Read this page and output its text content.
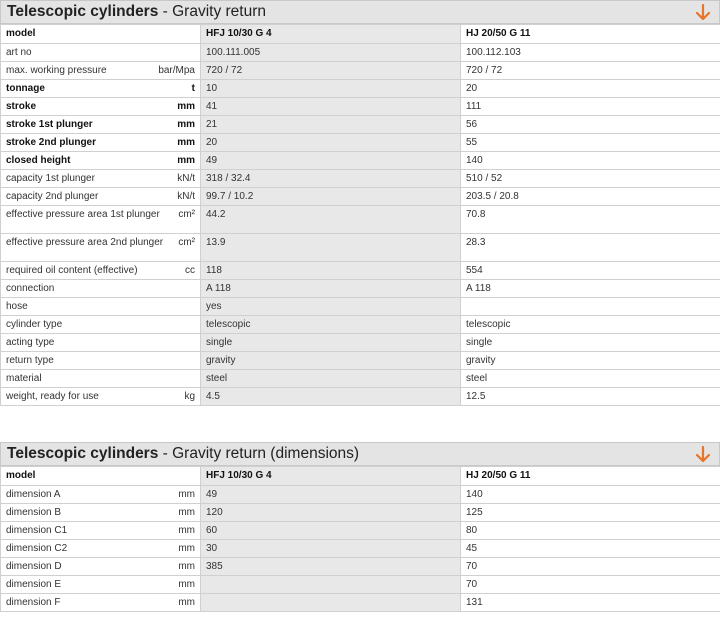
Telescopic cylinders - Gravity return
model	HFJ 10/30 G 4	HJ 20/50 G 11

art no	100.111.005	100.112.103

max. working pressure bar/Mpa	720 / 72	720 / 72

tonnage t	10	20

stroke mm	41	111

stroke 1st plunger mm	21	56

stroke 2nd plunger mm	20	55

closed height mm	49	140

capacity 1st plunger kN/t	318 / 32.4	510 / 52

capacity 2nd plunger kN/t	99.7 / 10.2	203.5 / 20.8

effective pressure area 1st plunger cm²	44.2	70.8

effective pressure area 2nd plunger cm²	13.9	28.3

required oil content (effective) cc	118	554

connection	A 118	A 118

hose	yes	

cylinder type	telescopic	telescopic

acting type	single	single

return type	gravity	gravity

material	steel	steel

weight, ready for use kg	4.5	12.5
Telescopic cylinders - Gravity return (dimensions)
model	HFJ 10/30 G 4	HJ 20/50 G 11

dimension A mm	49	140

dimension B mm	120	125

dimension C1 mm	60	80

dimension C2 mm	30	45

dimension D mm	385	70

dimension E mm		70

dimension F mm		131
